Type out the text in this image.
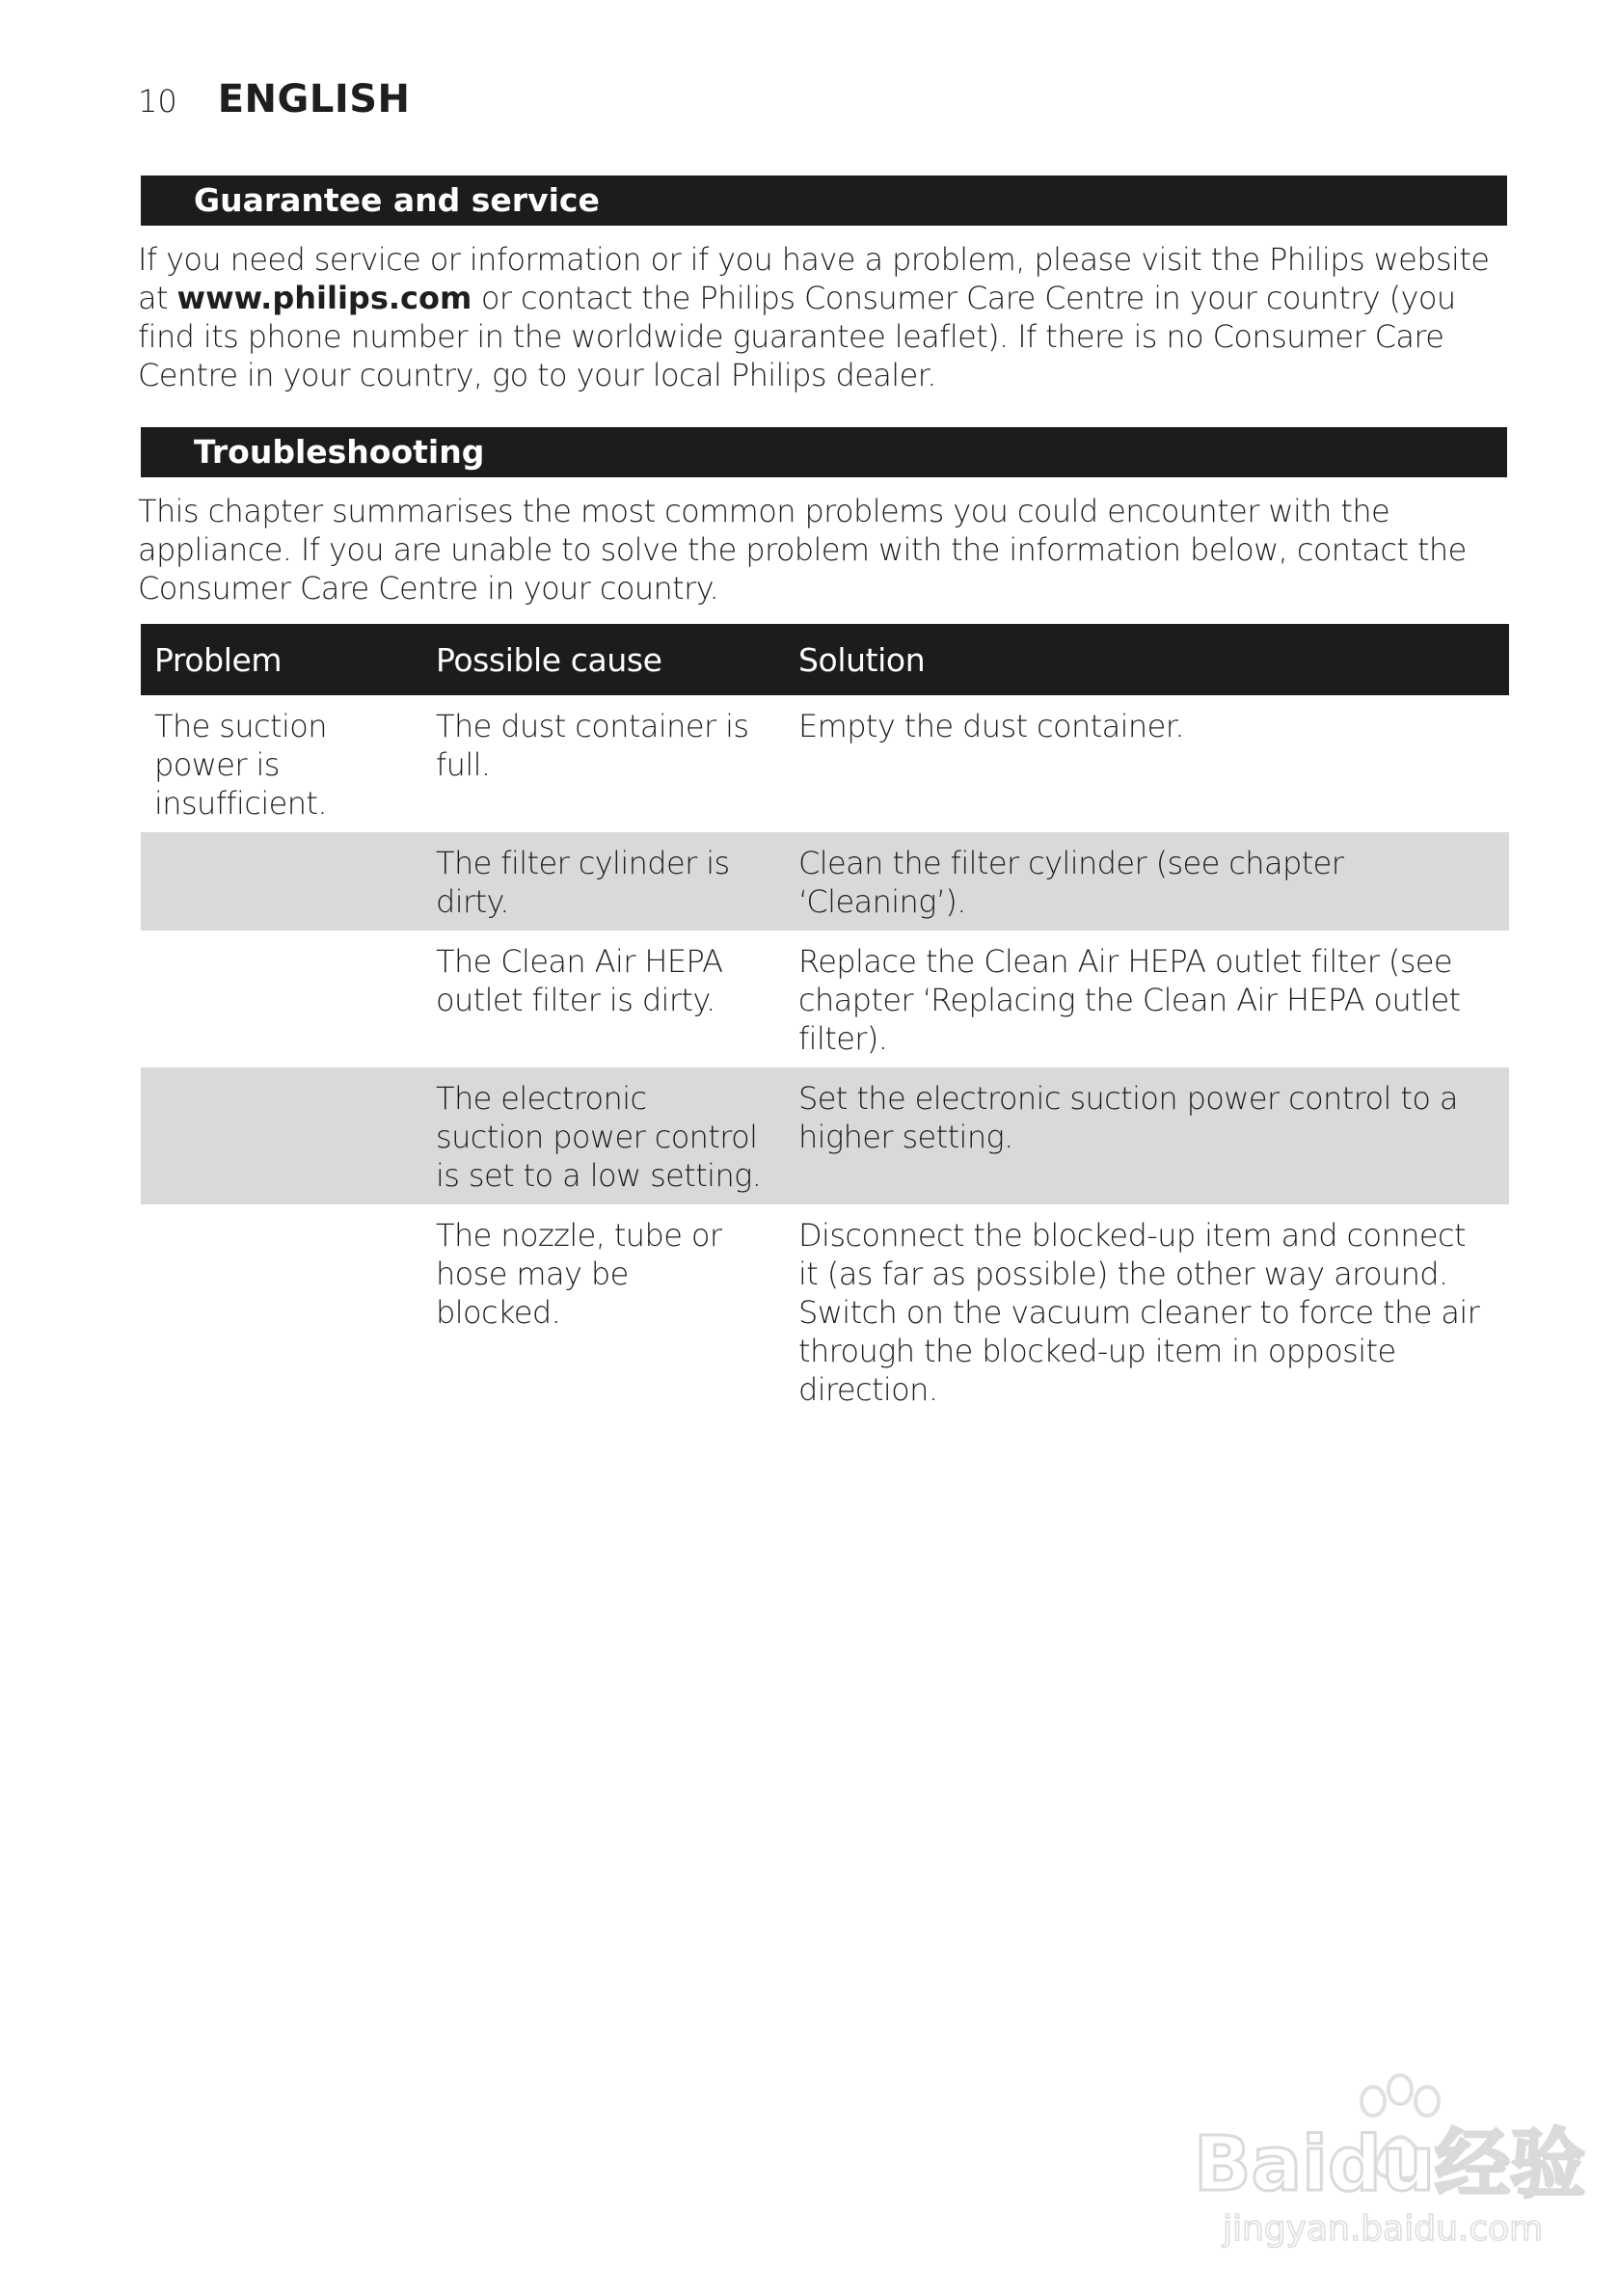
10 ENGLISH
Guarantee and service

If you need service or information or if you have a problem, please visit the Philips website at www.philips.com or contact the Philips Consumer Care Centre in your country (you find its phone number in the worldwide guarantee leaflet). If there is no Consumer Care Centre in your country, go to your local Philips dealer.

Troubleshooting

This chapter summarises the most common problems you could encounter with the appliance. If you are unable to solve the problem with the information below, contact the Consumer Care Centre in your country.

Problem	Possible cause	Solution
The suction power is insufficient.	The dust container is full.	Empty the dust container.
	The filter cylinder is dirty.	Clean the filter cylinder (see chapter ‘Cleaning’).
	The Clean Air HEPA outlet filter is dirty.	Replace the Clean Air HEPA outlet filter (see chapter ‘Replacing the Clean Air HEPA outlet filter).
	The electronic suction power control is set to a low setting.	Set the electronic suction power control to a higher setting.
	The nozzle, tube or hose may be blocked.	Disconnect the blocked-up item and connect it (as far as possible) the other way around. Switch on the vacuum cleaner to force the air through the blocked-up item in opposite direction.
Baidu经验
jingyan.baidu.com
